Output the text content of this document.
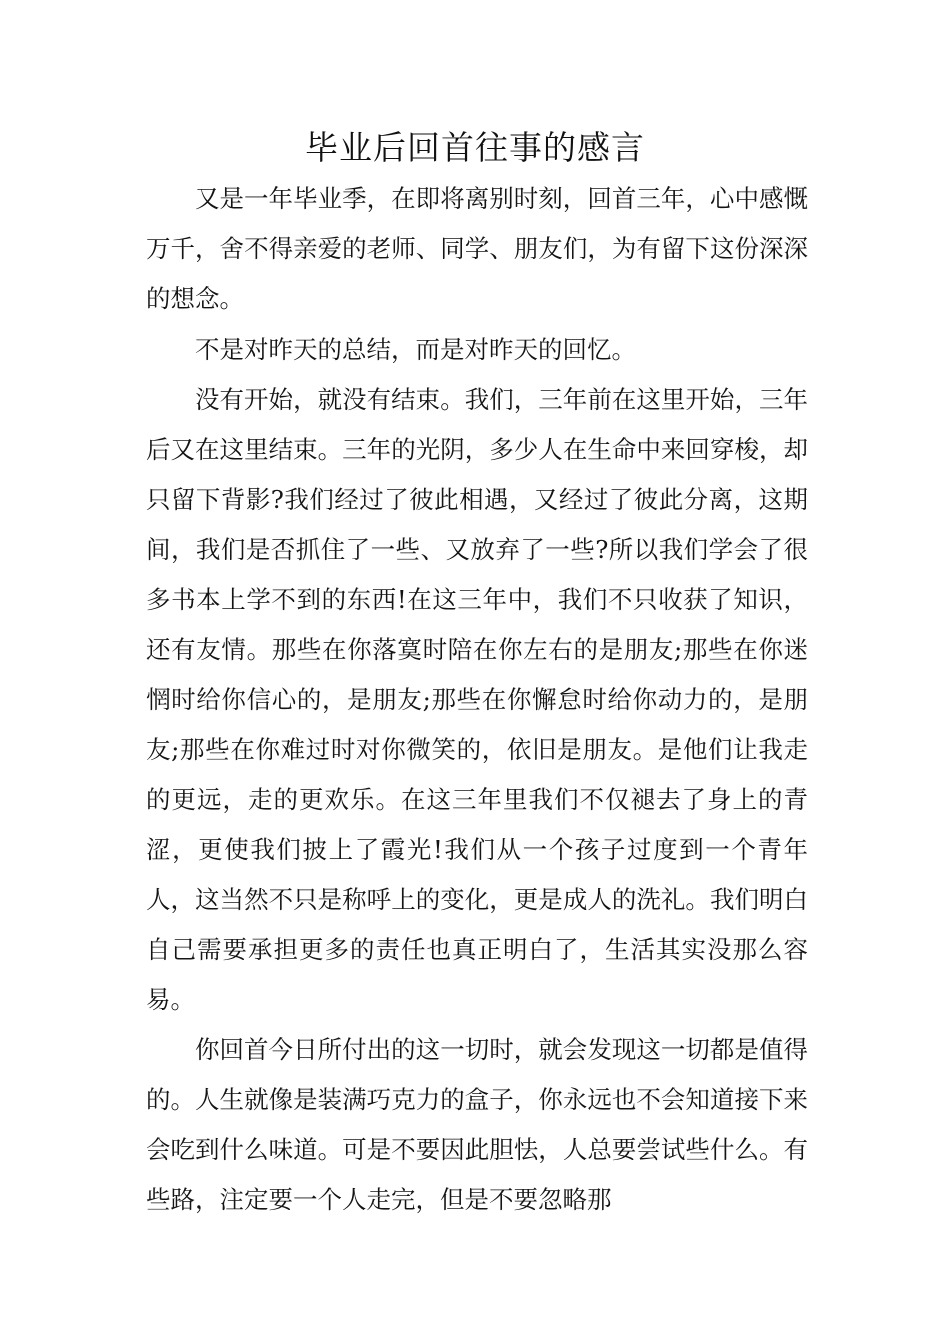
毕业后回首往事的感言

又是一年毕业季，在即将离别时刻，回首三年，心中感慨万千，舍不得亲爱的老师、同学、朋友们，为有留下这份深深的想念。

不是对昨天的总结，而是对昨天的回忆。

没有开始，就没有结束。我们，三年前在这里开始，三年后又在这里结束。三年的光阴，多少人在生命中来回穿梭，却只留下背影?我们经过了彼此相遇，又经过了彼此分离，这期间，我们是否抓住了一些、又放弃了一些?所以我们学会了很多书本上学不到的东西!在这三年中，我们不只收获了知识，还有友情。那些在你落寞时陪在你左右的是朋友;那些在你迷惘时给你信心的，是朋友;那些在你懈怠时给你动力的，是朋友;那些在你难过时对你微笑的，依旧是朋友。是他们让我走的更远，走的更欢乐。在这三年里我们不仅褪去了身上的青涩，更使我们披上了霞光!我们从一个孩子过度到一个青年人，这当然不只是称呼上的变化，更是成人的洗礼。我们明白自己需要承担更多的责任也真正明白了，生活其实没那么容易。

你回首今日所付出的这一切时，就会发现这一切都是值得的。人生就像是装满巧克力的盒子，你永远也不会知道接下来会吃到什么味道。可是不要因此胆怯，人总要尝试些什么。有些路，注定要一个人走完，但是不要忽略那
